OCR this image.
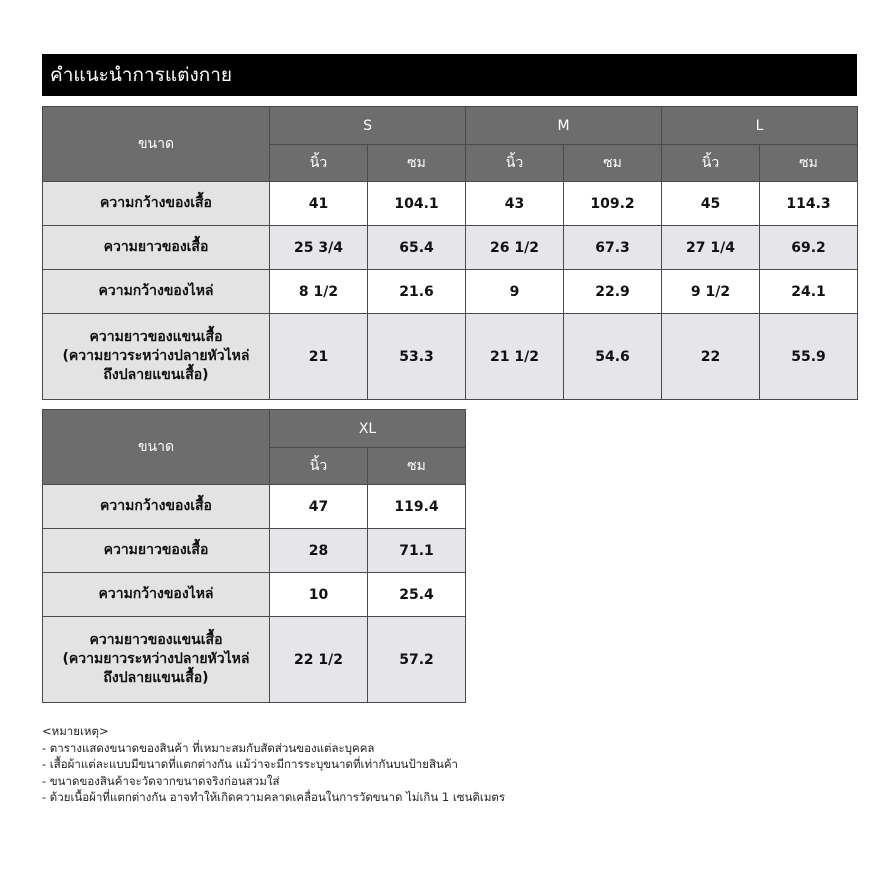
คำแนะนำการแต่งกาย
ขนาด	S		M		L	
	นิ้ว	ซม	นิ้ว	ซม	นิ้ว	ซม
ความกว้างของเสื้อ	41	104.1	43	109.2	45	114.3
ความยาวของเสื้อ	25 3/4	65.4	26 1/2	67.3	27 1/4	69.2
ความกว้างของไหล่	8 1/2	21.6	9	22.9	9 1/2	24.1

ความยาวของแขนเสื้อ
(ความยาวระหว่างปลายหัวไหล่
ถึงปลายแขนเสื้อ)	21	53.3	21 1/2	54.6	22	55.9
ขนาด	XL	
	นิ้ว	ซม
ความกว้างของเสื้อ	47	119.4
ความยาวของเสื้อ	28	71.1
ความกว้างของไหล่	10	25.4

ความยาวของแขนเสื้อ
(ความยาวระหว่างปลายหัวไหล่
ถึงปลายแขนเสื้อ)	22 1/2	57.2
<หมายเหตุ>
- ตารางแสดงขนาดของสินค้า ที่เหมาะสมกับสัดส่วนของแต่ละบุคคล
- เสื้อผ้าแต่ละแบบมีขนาดที่แตกต่างกัน แม้ว่าจะมีการระบุขนาดที่เท่ากันบนป้ายสินค้า
- ขนาดของสินค้าจะวัดจากขนาดจริงก่อนสวมใส่
- ด้วยเนื้อผ้าที่แตกต่างกัน อาจทำให้เกิดความคลาดเคลื่อนในการวัดขนาด ไม่เกิน 1 เซนติเมตร
